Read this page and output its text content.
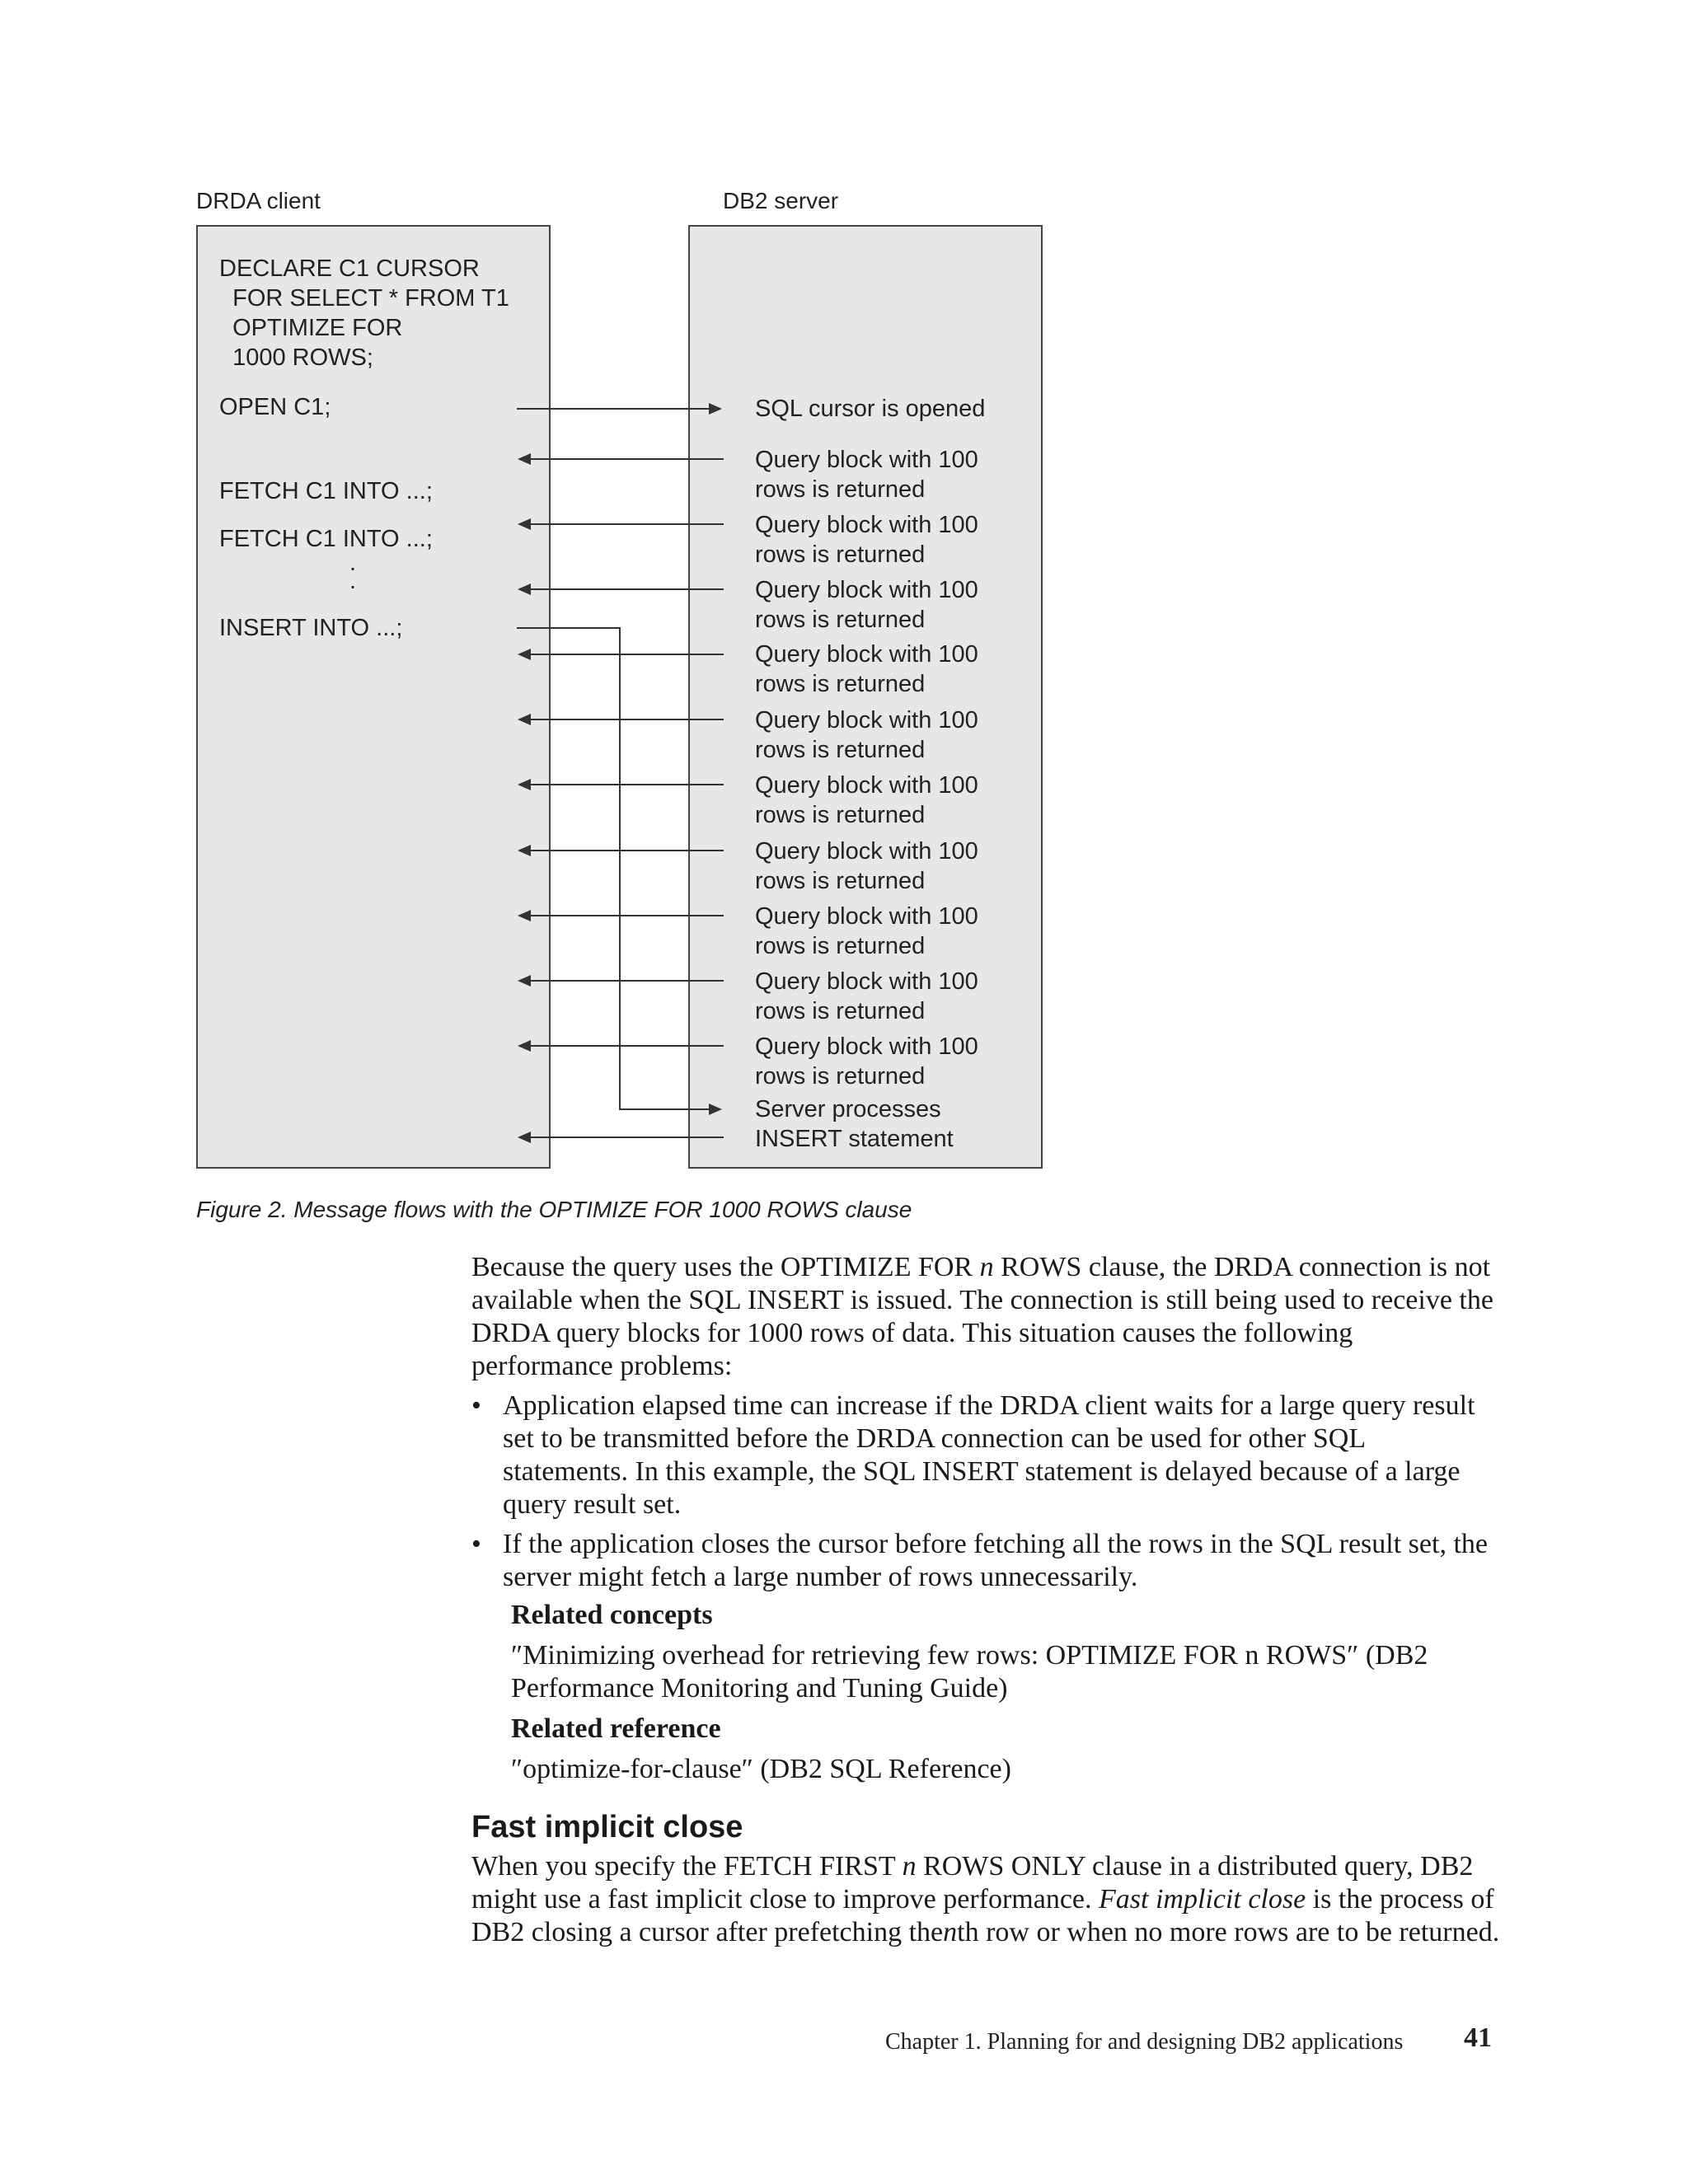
DRDA client	DB2 server
DECLARE C1 CURSOR
FOR SELECT * FROM T1
OPTIMIZE FOR
1000 ROWS;
OPEN C1;
FETCH C1 INTO ...;
FETCH C1 INTO ...;
.
.
INSERT INTO ...;
SQL cursor is opened
Query block with 100
rows is returned
Query block with 100
rows is returned
Query block with 100
rows is returned
Query block with 100
rows is returned
Query block with 100
rows is returned
Query block with 100
rows is returned
Query block with 100
rows is returned
Query block with 100
rows is returned
Query block with 100
rows is returned
Query block with 100
rows is returned
Server processes
INSERT statement
Figure 2. Message flows with the OPTIMIZE FOR 1000 ROWS clause

Because the query uses the OPTIMIZE FOR n ROWS clause, the DRDA connection is not available when the SQL INSERT is issued. The connection is still being used to receive the DRDA query blocks for 1000 rows of data. This situation causes the following performance problems:

• Application elapsed time can increase if the DRDA client waits for a large query result set to be transmitted before the DRDA connection can be used for other SQL statements. In this example, the SQL INSERT statement is delayed because of a large query result set.
• If the application closes the cursor before fetching all the rows in the SQL result set, the server might fetch a large number of rows unnecessarily.
Related concepts
″Minimizing overhead for retrieving few rows: OPTIMIZE FOR n ROWS″ (DB2 Performance Monitoring and Tuning Guide)
Related reference
″optimize-for-clause″ (DB2 SQL Reference)
Fast implicit close

When you specify the FETCH FIRST n ROWS ONLY clause in a distributed query, DB2 might use a fast implicit close to improve performance. Fast implicit close is the process of DB2 closing a cursor after prefetching thenth row or when no more rows are to be returned.

Chapter 1. Planning for and designing DB2 applications 41
